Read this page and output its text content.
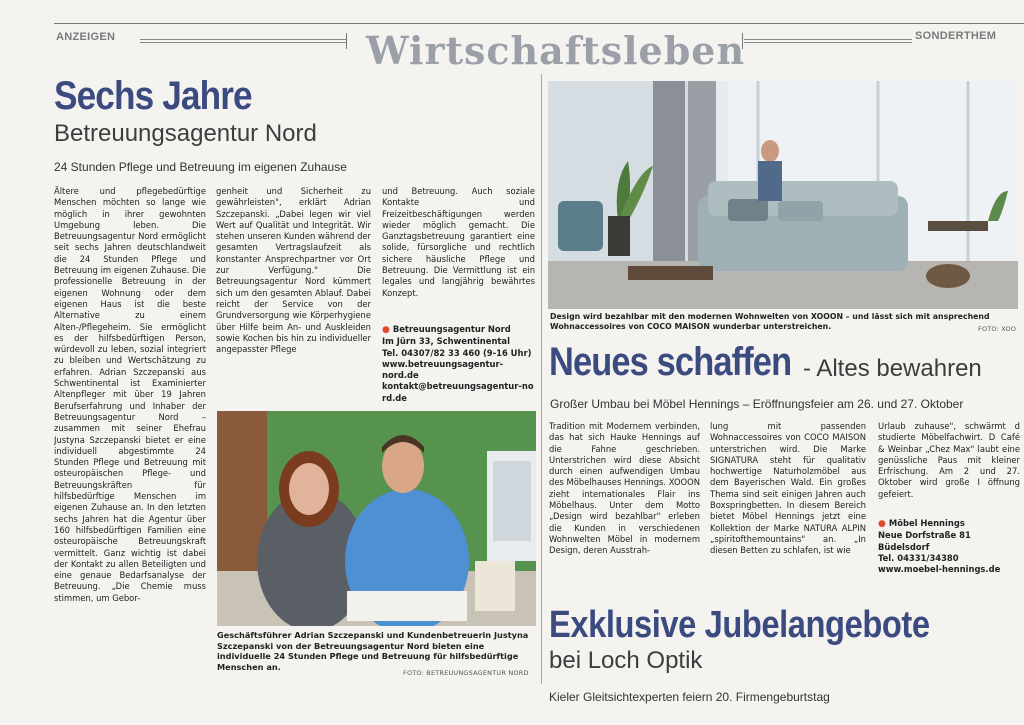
ANZEIGEN	Wirtschaftsleben	SONDERTHEM
Sechs Jahre
Betreuungsagentur Nord
24 Stunden Pflege und Betreuung im eigenen Zuhause

Ältere und pflegebedürftige Menschen möchten so lange wie möglich in ihrer gewohnten Umgebung leben. Die Betreuungsagentur Nord ermöglicht seit sechs Jahren deutschlandweit die 24 Stunden Pflege und Betreuung im eigenen Zuhause. Die professionelle Betreuung in der eigenen Wohnung oder dem eigenen Haus ist die beste Alternative zu einem Alten-/Pflegeheim. Sie ermöglicht es der hilfsbedürftigen Person, würdevoll zu leben, sozial integriert zu bleiben und Wertschätzung zu erfahren. Adrian Szczepanski aus Schwentinental ist Examinierter Altenpfleger mit über 19 Jahren Berufserfahrung und Inhaber der Betreuungsagentur Nord – zusammen mit seiner Ehefrau Justyna Szczepanski bietet er eine individuell abgestimmte 24 Stunden Pflege und Betreuung mit osteuropäischen Pflege- und Betreuungskräften für hilfsbedürftige Menschen im eigenen Zuhause an. In den letzten sechs Jahren hat die Agentur über 160 hilfsbedürftigen Familien eine osteuropäische Betreuungskraft vermittelt. Ganz wichtig ist dabei der Kontakt zu allen Beteiligten und eine genaue Bedarfsanalyse der Betreuung. „Die Chemie muss stimmen, um Gebor-

genheit und Sicherheit zu gewährleisten", erklärt Adrian Szczepanski. „Dabei legen wir viel Wert auf Qualität und Integrität. Wir stehen unseren Kunden während der gesamten Vertragslaufzeit als konstanter Ansprechpartner vor Ort zur Verfügung." Die Betreuungsagentur Nord kümmert sich um den gesamten Ablauf. Dabei reicht der Service von der Grundversorgung wie Körperhygiene über Hilfe beim An- und Auskleiden sowie Kochen bis hin zu individueller angepasster Pflege

und Betreuung. Auch soziale Kontakte und Freizeitbeschäftigungen werden wieder möglich gemacht. Die Ganztagsbetreuung garantiert eine solide, fürsorgliche und rechtlich sichere häusliche Pflege und Betreuung. Die Vermittlung ist ein legales und langjährig bewährtes Konzept.

● Betreuungsagentur Nord
Im Jürn 33, Schwentinental
Tel. 04307/82 33 460 (9-16 Uhr)
www.betreuungsagentur-nord.de
kontakt@betreuungsagentur-nord.de
Geschäftsführer Adrian Szczepanski und Kundenbetreuerin Justyna Szczepanski von der Betreuungsagentur Nord bieten eine individuelle 24 Stunden Pflege und Betreuung für hilfsbedürftige Menschen an.
FOTO: BETREUUNGSAGENTUR NORD
Design wird bezahlbar mit den modernen Wohnwelten von XOOON – und lässt sich mit ansprechend Wohnaccessoires von COCO MAISON wunderbar unterstreichen.	FOTO: XOO
Neues schaffen - Altes bewahren
Großer Umbau bei Möbel Hennings – Eröffnungsfeier am 26. und 27. Oktober

Tradition mit Modernem verbinden, das hat sich Hauke Hennings auf die Fahne geschrieben. Unterstrichen wird diese Absicht durch einen aufwendigen Umbau des Möbelhauses Hennings. XOOON zieht internationales Flair ins Möbelhaus. Unter dem Motto „Design wird bezahlbar" erleben die Kunden in verschiedenen Wohnwelten Möbel in modernem Design, deren Ausstrah-

lung mit passenden Wohnaccessoires von COCO MAISON unterstrichen wird. Die Marke SIGNATURA steht für qualitativ hochwertige Naturholzmöbel aus dem Bayerischen Wald. Ein großes Thema sind seit einigen Jahren auch Boxspringbetten. In diesem Bereich bietet Möbel Hennings jetzt eine Kollektion der Marke NATURA ALPIN „spiritofthemountains" an. „In diesen Betten zu schlafen, ist wie

Urlaub zuhause", schwärmt d studierte Möbelfachwirt. D Café & Weinbar „Chez Max" laubt eine genüssliche Paus mit kleiner Erfrischung. Am 2 und 27. Oktober wird große I öffnung gefeiert.

● Möbel Hennings
Neue Dorfstraße 81
Büdelsdorf
Tel. 04331/34380
www.moebel-hennings.de
Exklusive Jubelangebote
bei Loch Optik
Kieler Gleitsichtexperten feiern 20. Firmengeburtstag
